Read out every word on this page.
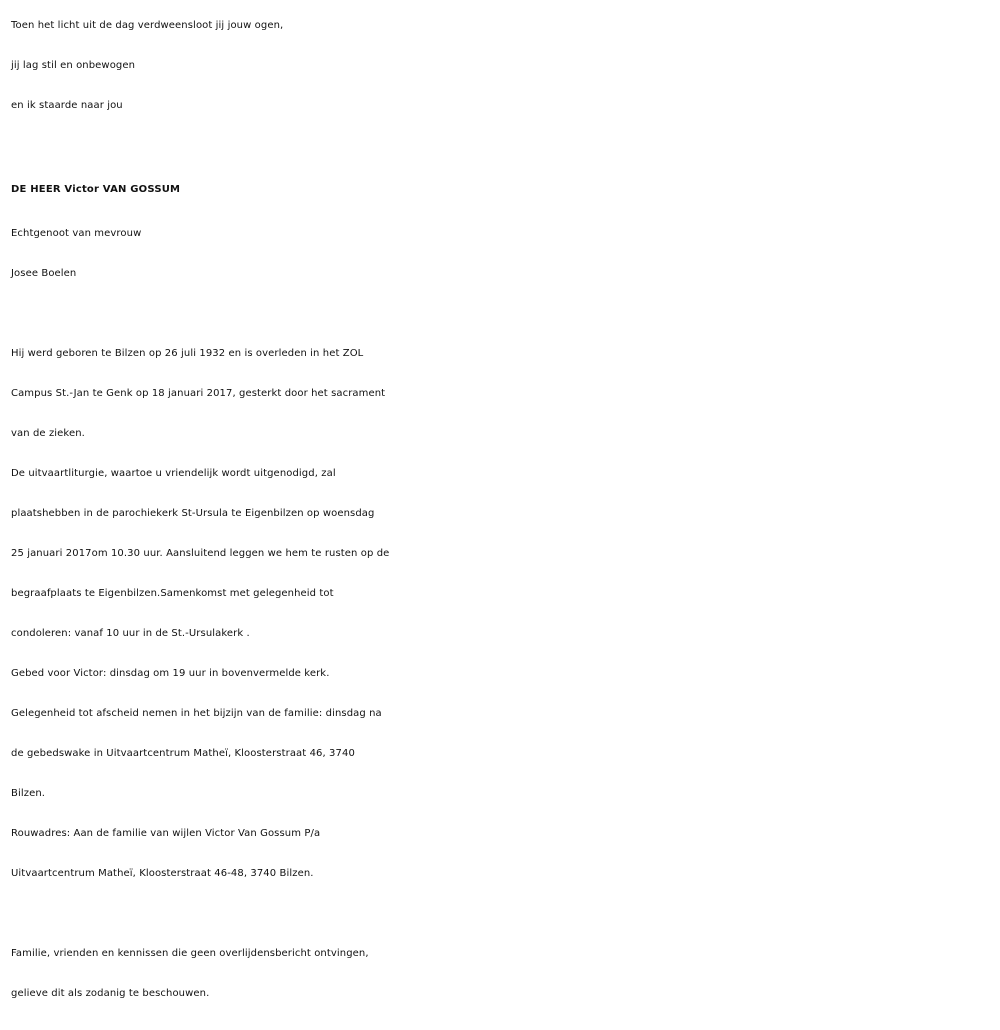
Toen het licht uit de dag verdweensloot jij jouw ogen,
jij lag stil en onbewogen
en ik staarde naar jou
DE HEER Victor VAN GOSSUM
Echtgenoot van mevrouw
Josee Boelen
Hij werd geboren te Bilzen op 26 juli 1932 en is overleden in het ZOL
Campus St.-Jan te Genk op 18 januari 2017, gesterkt door het sacrament
van de zieken.
De uitvaartliturgie, waartoe u vriendelijk wordt uitgenodigd, zal
plaatshebben in de parochiekerk St-Ursula te Eigenbilzen op woensdag
25 januari 2017om 10.30 uur. Aansluitend leggen we hem te rusten op de
begraafplaats te Eigenbilzen.Samenkomst met gelegenheid tot
condoleren: vanaf 10 uur in de St.-Ursulakerk .
Gebed voor Victor: dinsdag om 19 uur in bovenvermelde kerk.
Gelegenheid tot afscheid nemen in het bijzijn van de familie: dinsdag na
de gebedswake in Uitvaartcentrum Matheï, Kloosterstraat 46, 3740
Bilzen.
Rouwadres: Aan de familie van wijlen Victor Van Gossum P/a
Uitvaartcentrum Matheï, Kloosterstraat 46-48, 3740 Bilzen.
Familie, vrienden en kennissen die geen overlijdensbericht ontvingen,
gelieve dit als zodanig te beschouwen.
